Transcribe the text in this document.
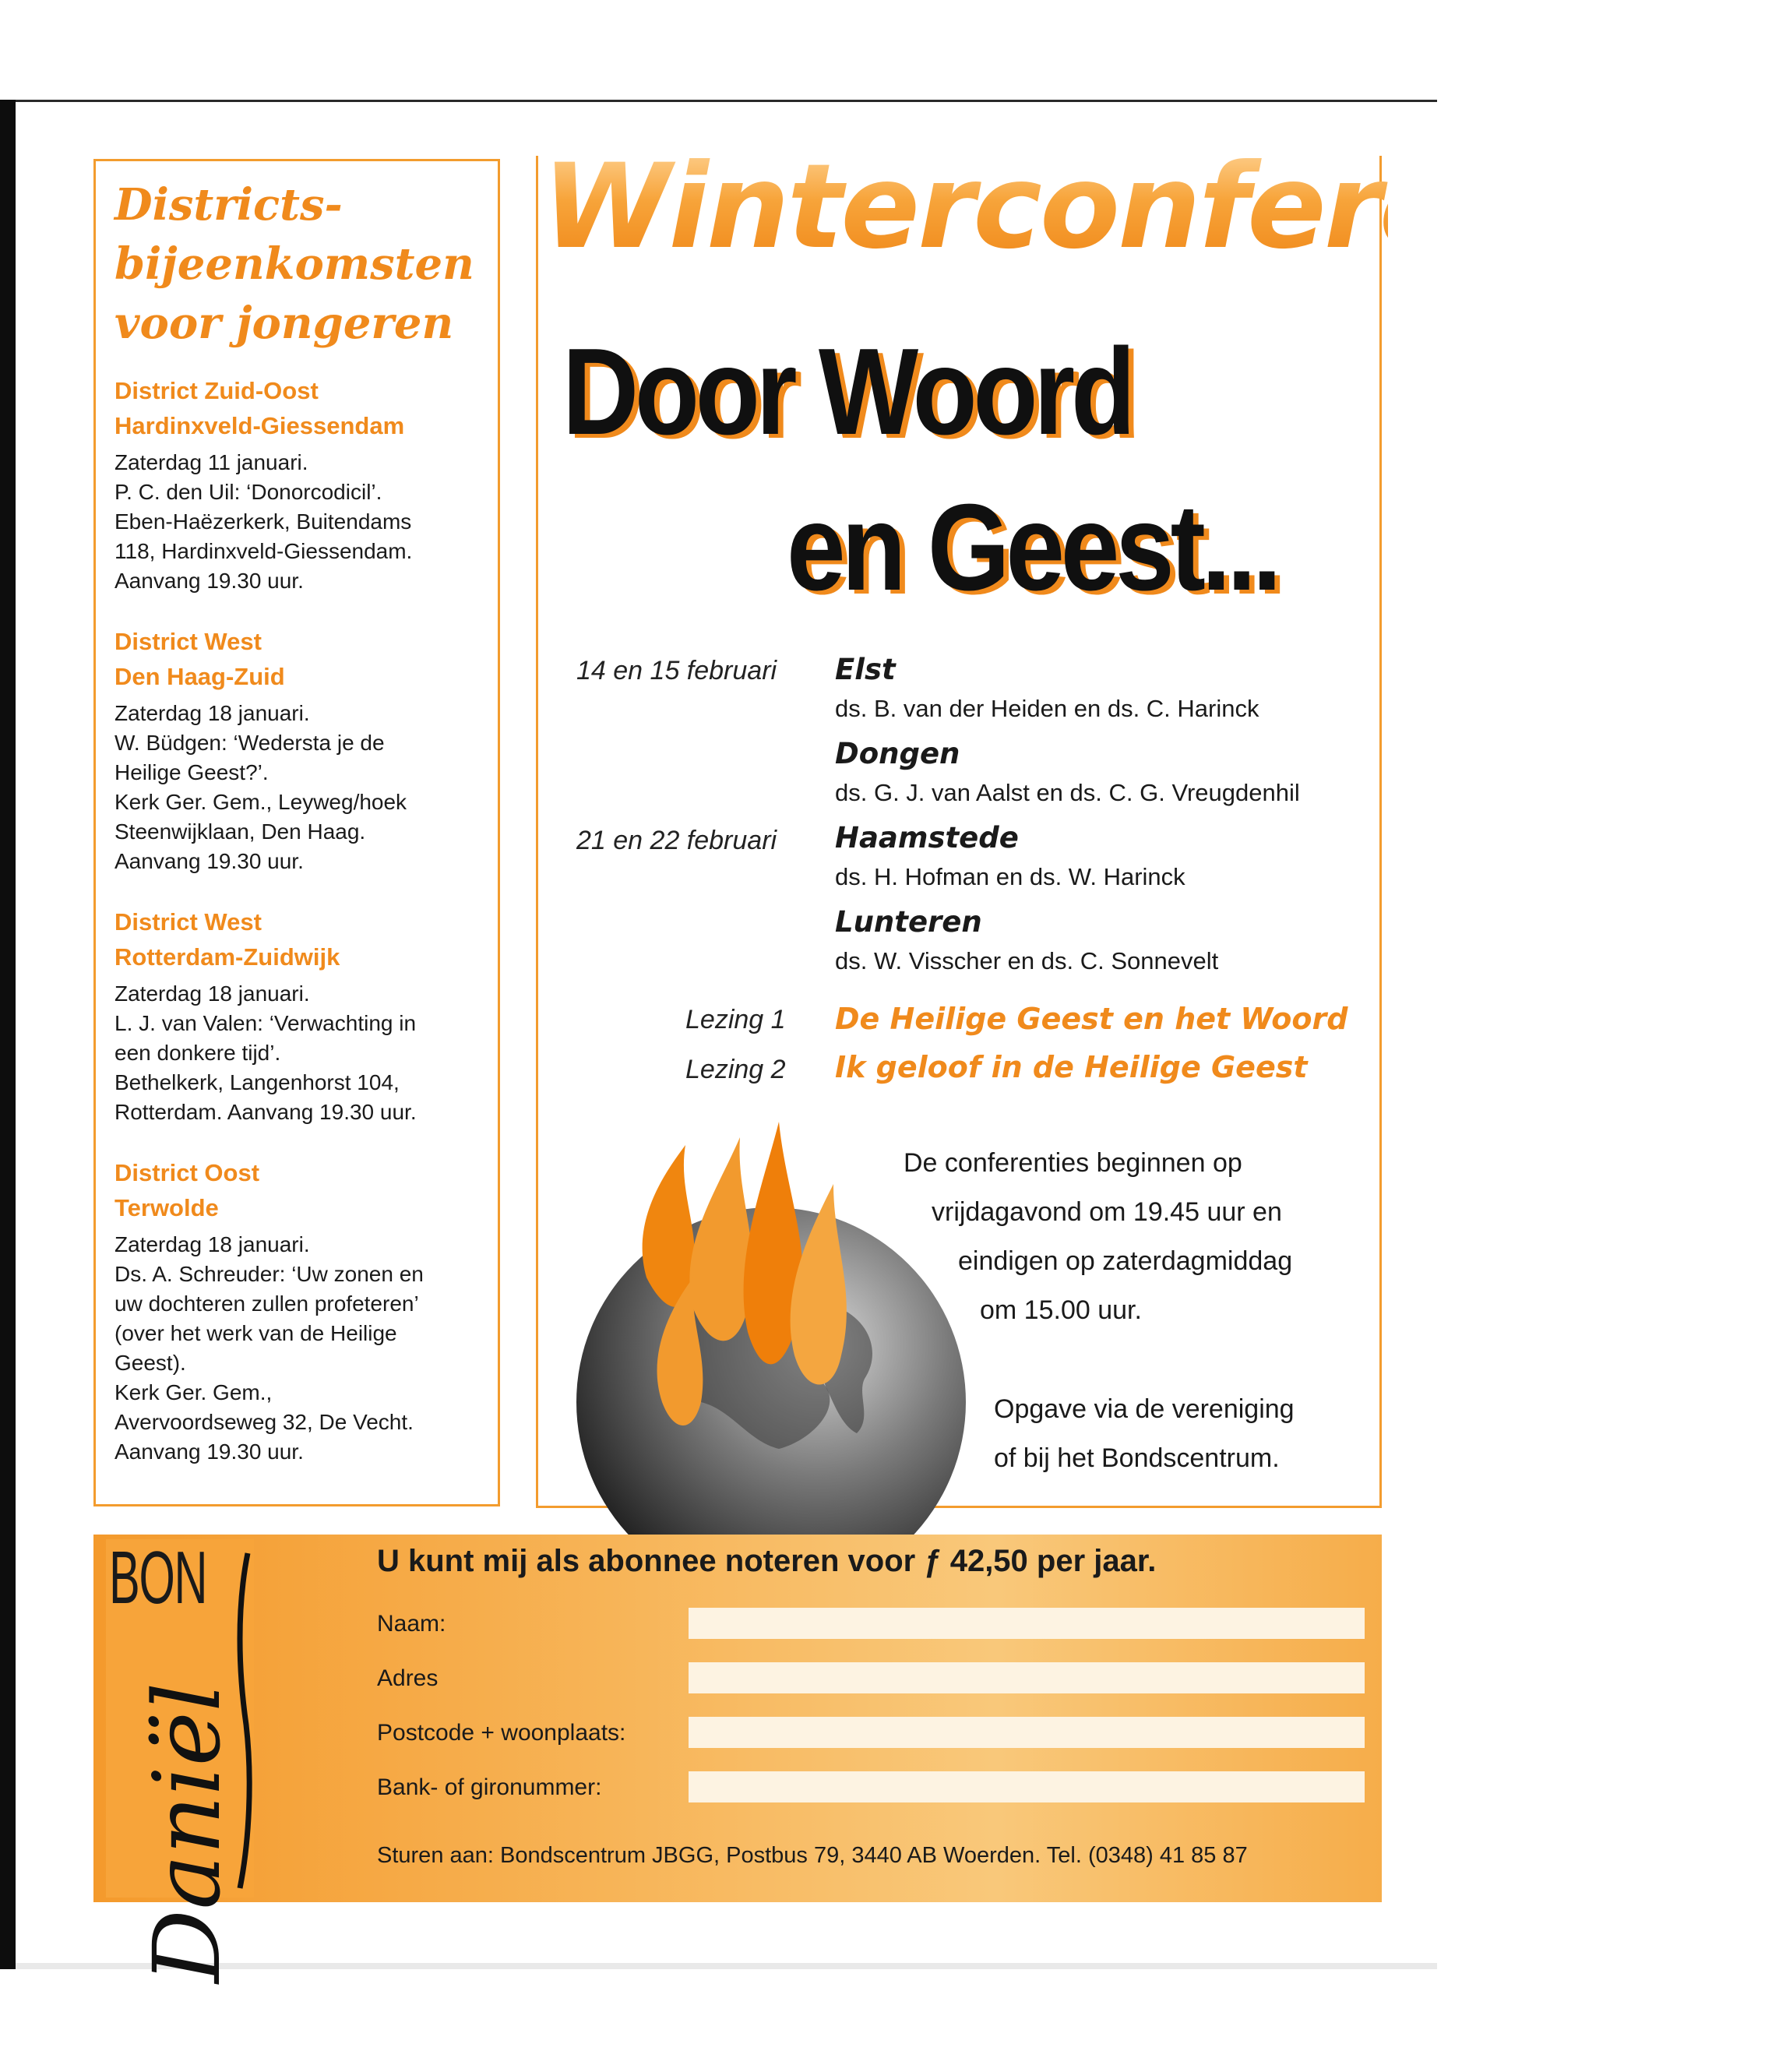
Districts-
bijeenkomsten
voor jongeren
District Zuid-Oost
Hardinxveld-Giessendam
Zaterdag 11 januari.
P. C. den Uil: ‘Donorcodicil’.
Eben-Haëzerkerk, Buitendams
118, Hardinxveld-Giessendam.
Aanvang 19.30 uur.
District West
Den Haag-Zuid
Zaterdag 18 januari.
W. Büdgen: ‘Wedersta je de
Heilige Geest?’.
Kerk Ger. Gem., Leyweg/hoek
Steenwijklaan, Den Haag.
Aanvang 19.30 uur.
District West
Rotterdam-Zuidwijk
Zaterdag 18 januari.
L. J. van Valen: ‘Verwachting in
een donkere tijd’.
Bethelkerk, Langenhorst 104,
Rotterdam. Aanvang 19.30 uur.
District Oost
Terwolde
Zaterdag 18 januari.
Ds. A. Schreuder: ‘Uw zonen en
uw dochteren zullen profeteren’
(over het werk van de Heilige
Geest).
Kerk Ger. Gem.,
Avervoordseweg 32, De Vecht.
Aanvang 19.30 uur.
Winterconferenties
Door Woord
en Geest...
14 en 15 februari Elst
ds. B. van der Heiden en ds. C. Harinck
Dongen
ds. G. J. van Aalst en ds. C. G. Vreugdenhil
21 en 22 februari Haamstede
ds. H. Hofman en ds. W. Harinck
Lunteren
ds. W. Visscher en ds. C. Sonnevelt
Lezing 1 De Heilige Geest en het Woord
Lezing 2 Ik geloof in de Heilige Geest
De conferenties beginnen op
vrijdagavond om 19.45 uur en
eindigen op zaterdagmiddag
om 15.00 uur.
Opgave via de vereniging
of bij het Bondscentrum.
BON
Daniël
U kunt mij als abonnee noteren voor ƒ 42,50 per jaar.
Naam:
Adres
Postcode + woonplaats:
Bank- of gironummer:
Sturen aan: Bondscentrum JBGG, Postbus 79, 3440 AB Woerden. Tel. (0348) 41 85 87
